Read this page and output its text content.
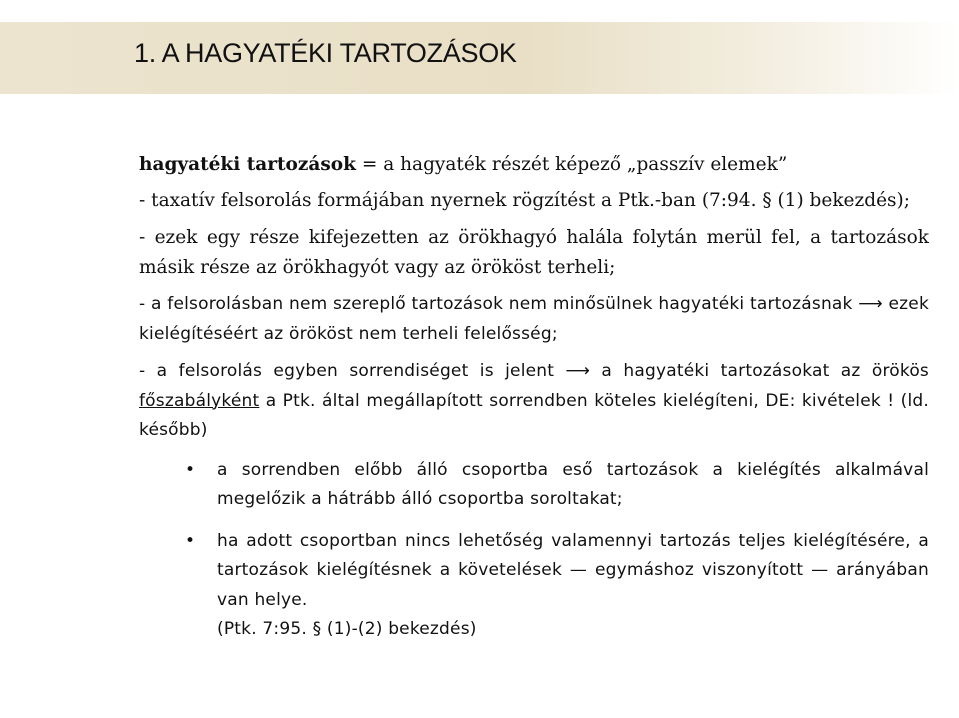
1. A HAGYATÉKI TARTOZÁSOK

hagyatéki tartozások = a hagyaték részét képező „passzív elemek”

- taxatív felsorolás formájában nyernek rögzítést a Ptk.-ban (7:94. § (1) bekezdés);

- ezek egy része kifejezetten az örökhagyó halála folytán merül fel, a tartozások másik része az örökhagyót vagy az örököst terheli;

- a felsorolásban nem szereplő tartozások nem minősülnek hagyatéki tartozásnak ⟶ ezek kielégítéséért az örököst nem terheli felelősség;

- a felsorolás egyben sorrendiséget is jelent ⟶ a hagyatéki tartozásokat az örökös főszabályként a Ptk. által megállapított sorrendben köteles kielégíteni, DE: kivételek ! (ld. később)

• a sorrendben előbb álló csoportba eső tartozások a kielégítés alkalmával megelőzik a hátrább álló csoportba soroltakat;
• ha adott csoportban nincs lehetőség valamennyi tartozás teljes kielégítésére, a tartozások kielégítésnek a követelések — egymáshoz viszonyított — arányában van helye.
(Ptk. 7:95. § (1)-(2) bekezdés)
